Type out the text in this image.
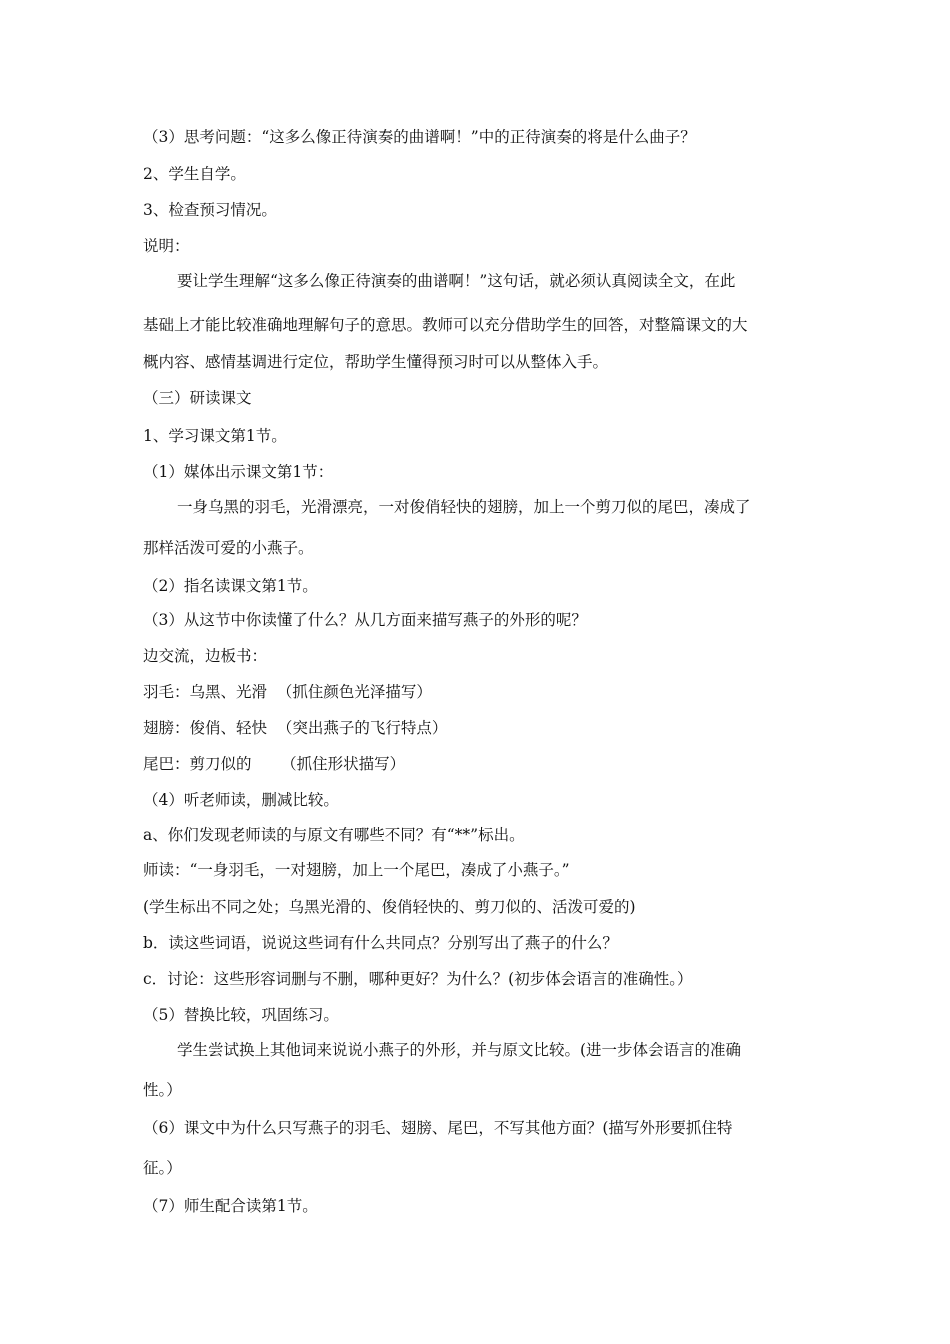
（3）思考问题：“这多么像正待演奏的曲谱啊！”中的正待演奏的将是什么曲子？
2、学生自学。
3、检查预习情况。
说明：
要让学生理解“这多么像正待演奏的曲谱啊！”这句话，就必须认真阅读全文，在此
基础上才能比较准确地理解句子的意思。教师可以充分借助学生的回答，对整篇课文的大
概内容、感情基调进行定位，帮助学生懂得预习时可以从整体入手。
（三）研读课文
1、学习课文第1节。
（1）媒体出示课文第1节：
一身乌黑的羽毛，光滑漂亮，一对俊俏轻快的翅膀，加上一个剪刀似的尾巴，凑成了
那样活泼可爱的小燕子。
（2）指名读课文第1节。
（3）从这节中你读懂了什么？从几方面来描写燕子的外形的呢？
边交流，边板书：
羽毛：乌黑、光滑  （抓住颜色光泽描写）
翅膀：俊俏、轻快  （突出燕子的飞行特点）
尾巴：剪刀似的      （抓住形状描写）
（4）听老师读，删减比较。
a、你们发现老师读的与原文有哪些不同？有“**”标出。
师读：“一身羽毛，一对翅膀，加上一个尾巴，凑成了小燕子。”
(学生标出不同之处；乌黑光滑的、俊俏轻快的、剪刀似的、活泼可爱的)
b．读这些词语，说说这些词有什么共同点？分别写出了燕子的什么？
c．讨论：这些形容词删与不删，哪种更好？为什么？(初步体会语言的准确性。）
（5）替换比较，巩固练习。
学生尝试换上其他词来说说小燕子的外形，并与原文比较。(进一步体会语言的准确
性。）
（6）课文中为什么只写燕子的羽毛、翅膀、尾巴，不写其他方面？(描写外形要抓住特
征。）
（7）师生配合读第1节。
